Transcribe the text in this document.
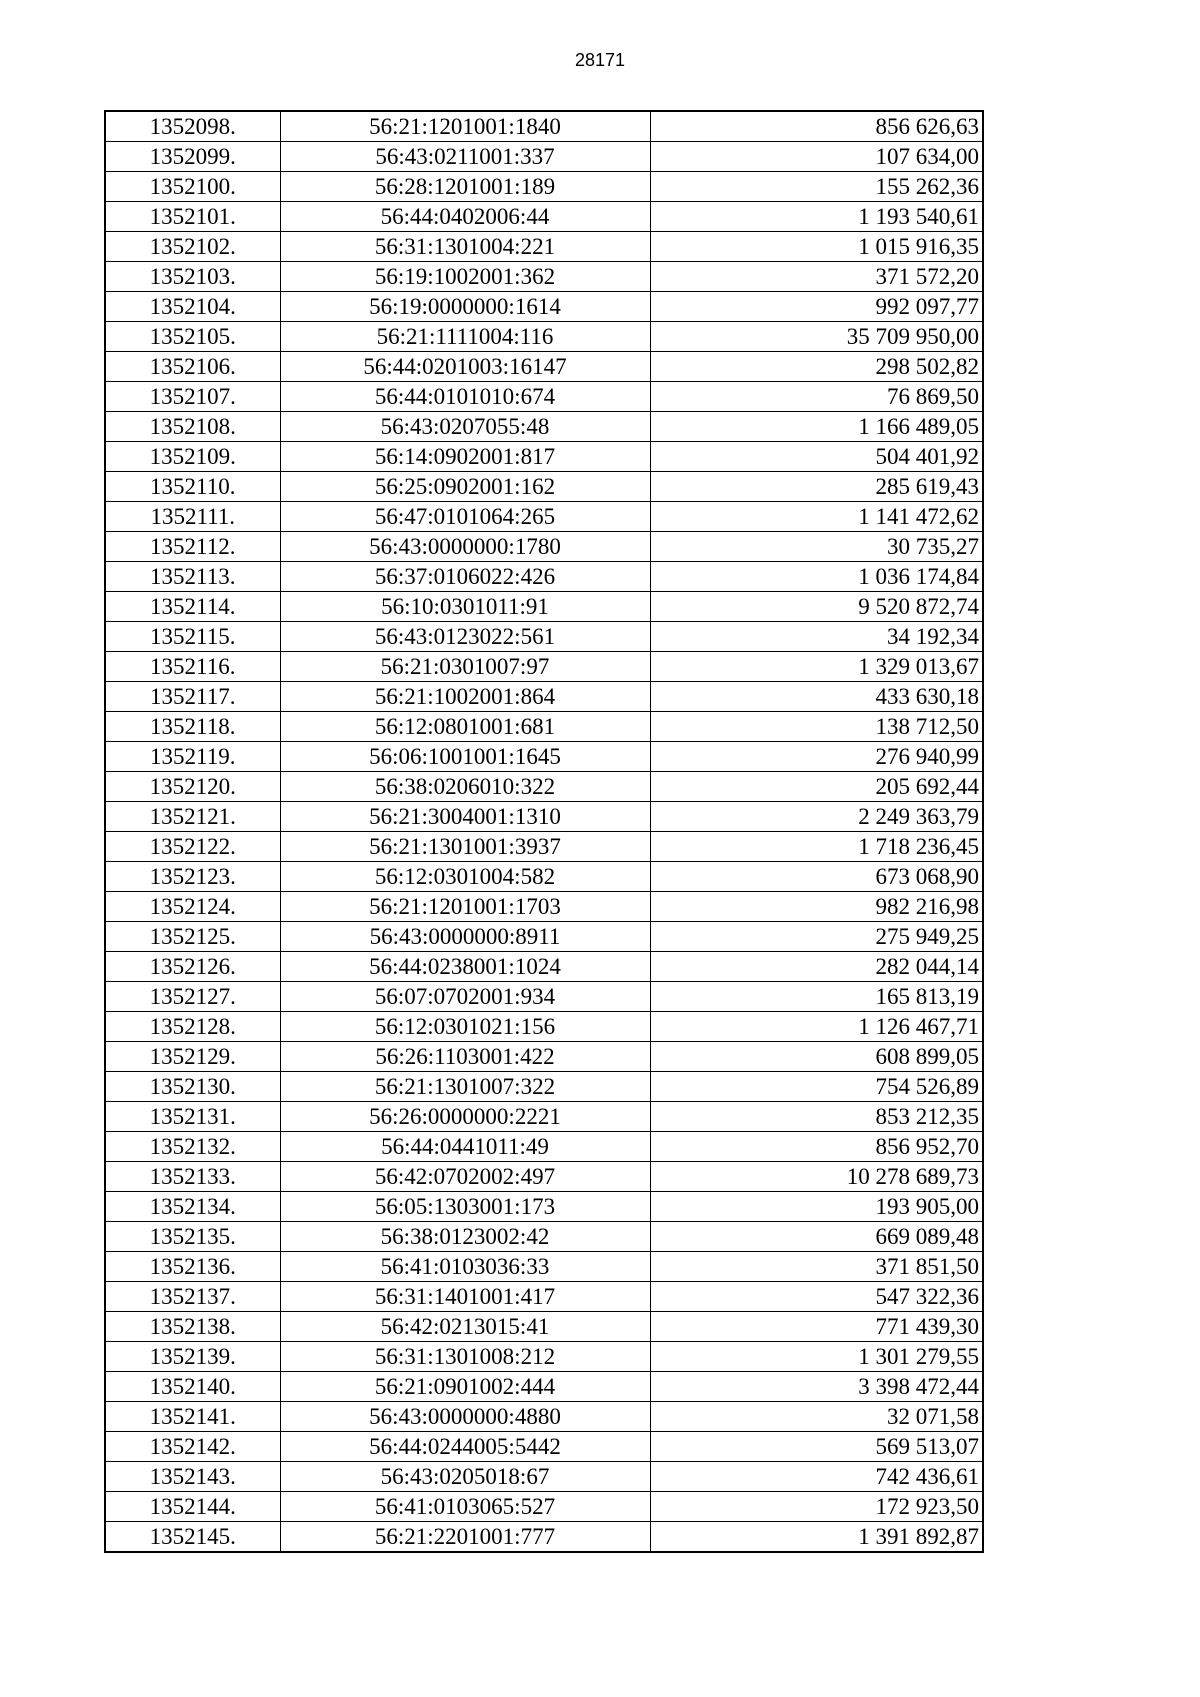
28171
1352098.	56:21:1201001:1840	856 626,63
1352099.	56:43:0211001:337	107 634,00
1352100.	56:28:1201001:189	155 262,36
1352101.	56:44:0402006:44	1 193 540,61
1352102.	56:31:1301004:221	1 015 916,35
1352103.	56:19:1002001:362	371 572,20
1352104.	56:19:0000000:1614	992 097,77
1352105.	56:21:1111004:116	35 709 950,00
1352106.	56:44:0201003:16147	298 502,82
1352107.	56:44:0101010:674	76 869,50
1352108.	56:43:0207055:48	1 166 489,05
1352109.	56:14:0902001:817	504 401,92
1352110.	56:25:0902001:162	285 619,43
1352111.	56:47:0101064:265	1 141 472,62
1352112.	56:43:0000000:1780	30 735,27
1352113.	56:37:0106022:426	1 036 174,84
1352114.	56:10:0301011:91	9 520 872,74
1352115.	56:43:0123022:561	34 192,34
1352116.	56:21:0301007:97	1 329 013,67
1352117.	56:21:1002001:864	433 630,18
1352118.	56:12:0801001:681	138 712,50
1352119.	56:06:1001001:1645	276 940,99
1352120.	56:38:0206010:322	205 692,44
1352121.	56:21:3004001:1310	2 249 363,79
1352122.	56:21:1301001:3937	1 718 236,45
1352123.	56:12:0301004:582	673 068,90
1352124.	56:21:1201001:1703	982 216,98
1352125.	56:43:0000000:8911	275 949,25
1352126.	56:44:0238001:1024	282 044,14
1352127.	56:07:0702001:934	165 813,19
1352128.	56:12:0301021:156	1 126 467,71
1352129.	56:26:1103001:422	608 899,05
1352130.	56:21:1301007:322	754 526,89
1352131.	56:26:0000000:2221	853 212,35
1352132.	56:44:0441011:49	856 952,70
1352133.	56:42:0702002:497	10 278 689,73
1352134.	56:05:1303001:173	193 905,00
1352135.	56:38:0123002:42	669 089,48
1352136.	56:41:0103036:33	371 851,50
1352137.	56:31:1401001:417	547 322,36
1352138.	56:42:0213015:41	771 439,30
1352139.	56:31:1301008:212	1 301 279,55
1352140.	56:21:0901002:444	3 398 472,44
1352141.	56:43:0000000:4880	32 071,58
1352142.	56:44:0244005:5442	569 513,07
1352143.	56:43:0205018:67	742 436,61
1352144.	56:41:0103065:527	172 923,50
1352145.	56:21:2201001:777	1 391 892,87
